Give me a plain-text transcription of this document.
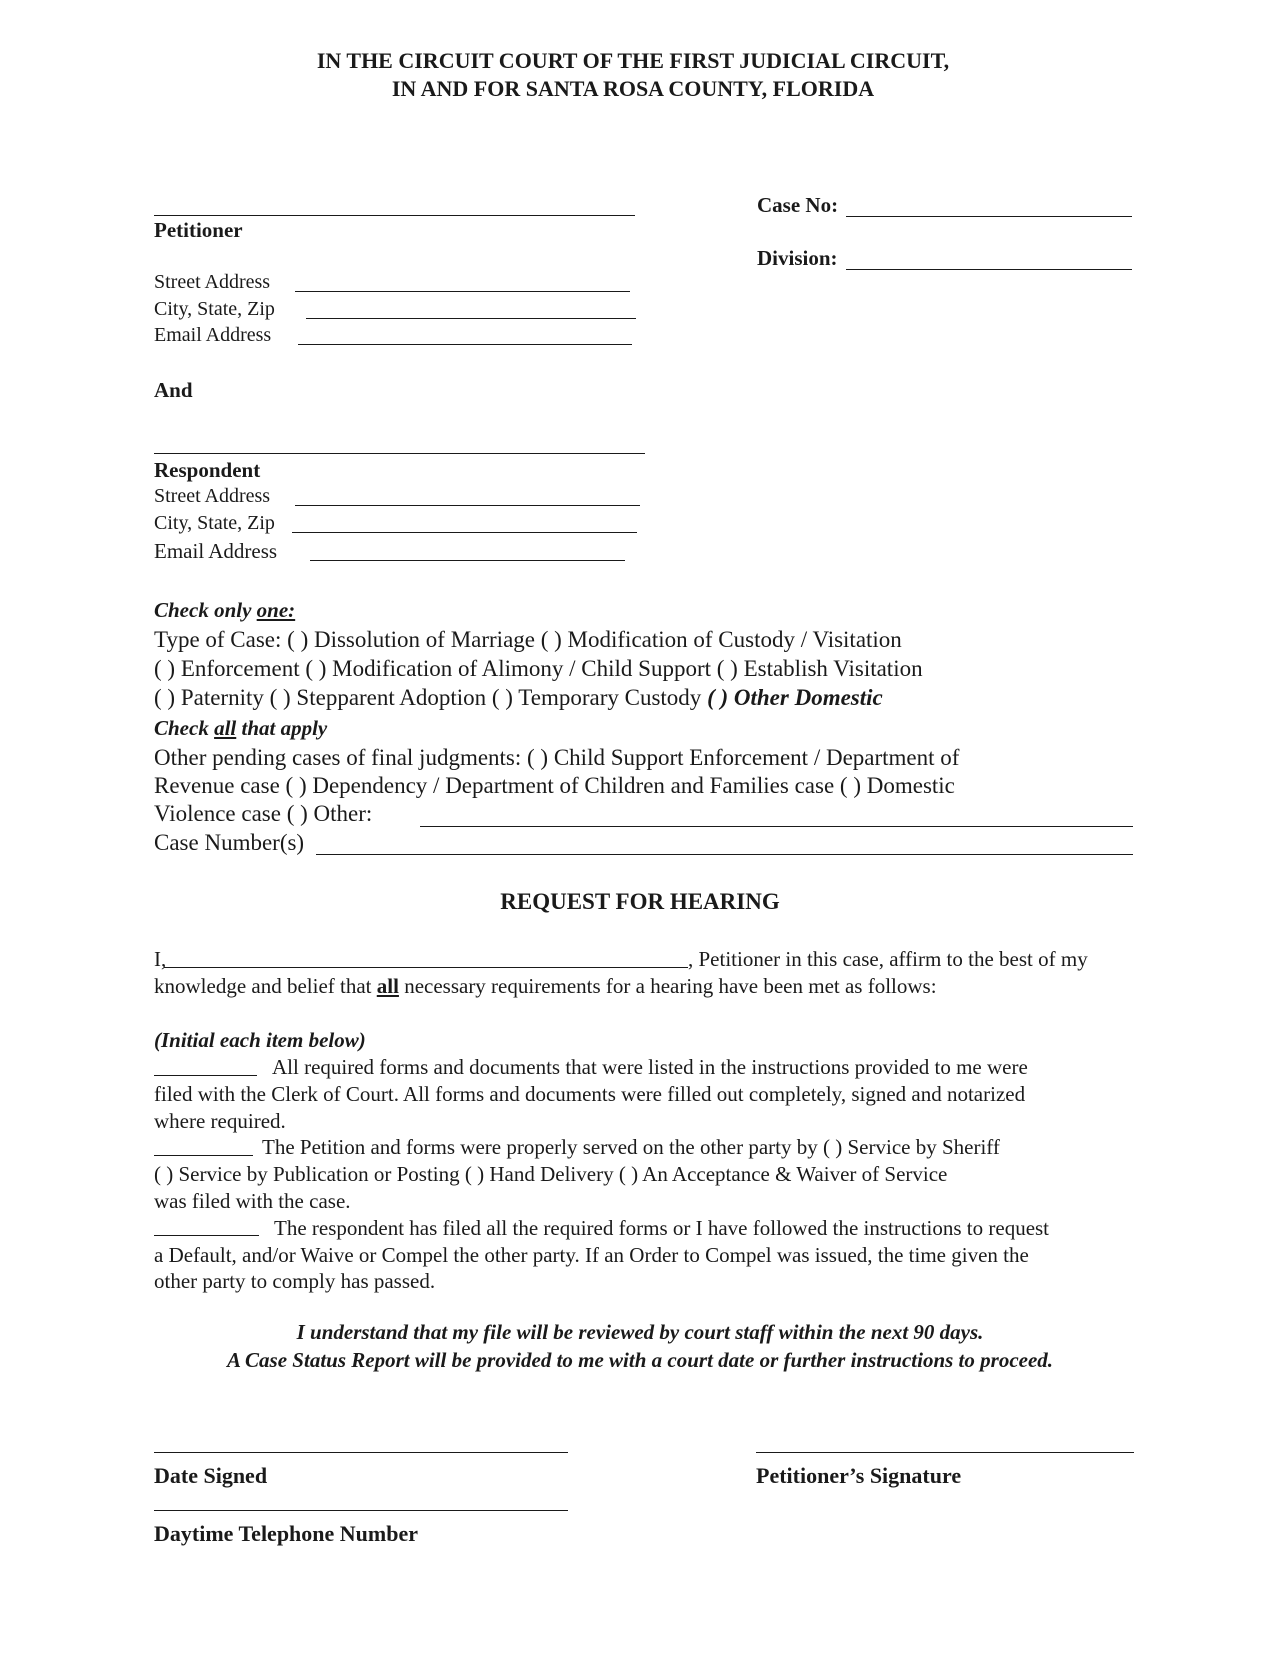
IN THE CIRCUIT COURT OF THE FIRST JUDICIAL CIRCUIT,
IN AND FOR SANTA ROSA COUNTY, FLORIDA
Case No:
Division:
Petitioner
Street Address
City, State, Zip
Email Address
And
Respondent
Street Address
City, State, Zip
Email Address
Check only one:
Type of Case: ( ) Dissolution of Marriage ( ) Modification of Custody / Visitation
( ) Enforcement ( ) Modification of Alimony / Child Support ( ) Establish Visitation
( ) Paternity ( ) Stepparent Adoption ( ) Temporary Custody ( ) Other Domestic
Check all that apply
Other pending cases of final judgments: ( ) Child Support Enforcement / Department of
Revenue case ( ) Dependency / Department of Children and Families case ( ) Domestic
Violence case ( ) Other:
Case Number(s)
REQUEST FOR HEARING
I,	, Petitioner in this case, affirm to the best of my
knowledge and belief that all necessary requirements for a hearing have been met as follows:
(Initial each item below)
All required forms and documents that were listed in the instructions provided to me were
filed with the Clerk of Court. All forms and documents were filled out completely, signed and notarized
where required.
The Petition and forms were properly served on the other party by ( ) Service by Sheriff
( ) Service by Publication or Posting ( ) Hand Delivery ( ) An Acceptance & Waiver of Service
was filed with the case.
The respondent has filed all the required forms or I have followed the instructions to request
a Default, and/or Waive or Compel the other party. If an Order to Compel was issued, the time given the
other party to comply has passed.
I understand that my file will be reviewed by court staff within the next 90 days.
A Case Status Report will be provided to me with a court date or further instructions to proceed.
Date Signed	Petitioner’s Signature
Daytime Telephone Number
